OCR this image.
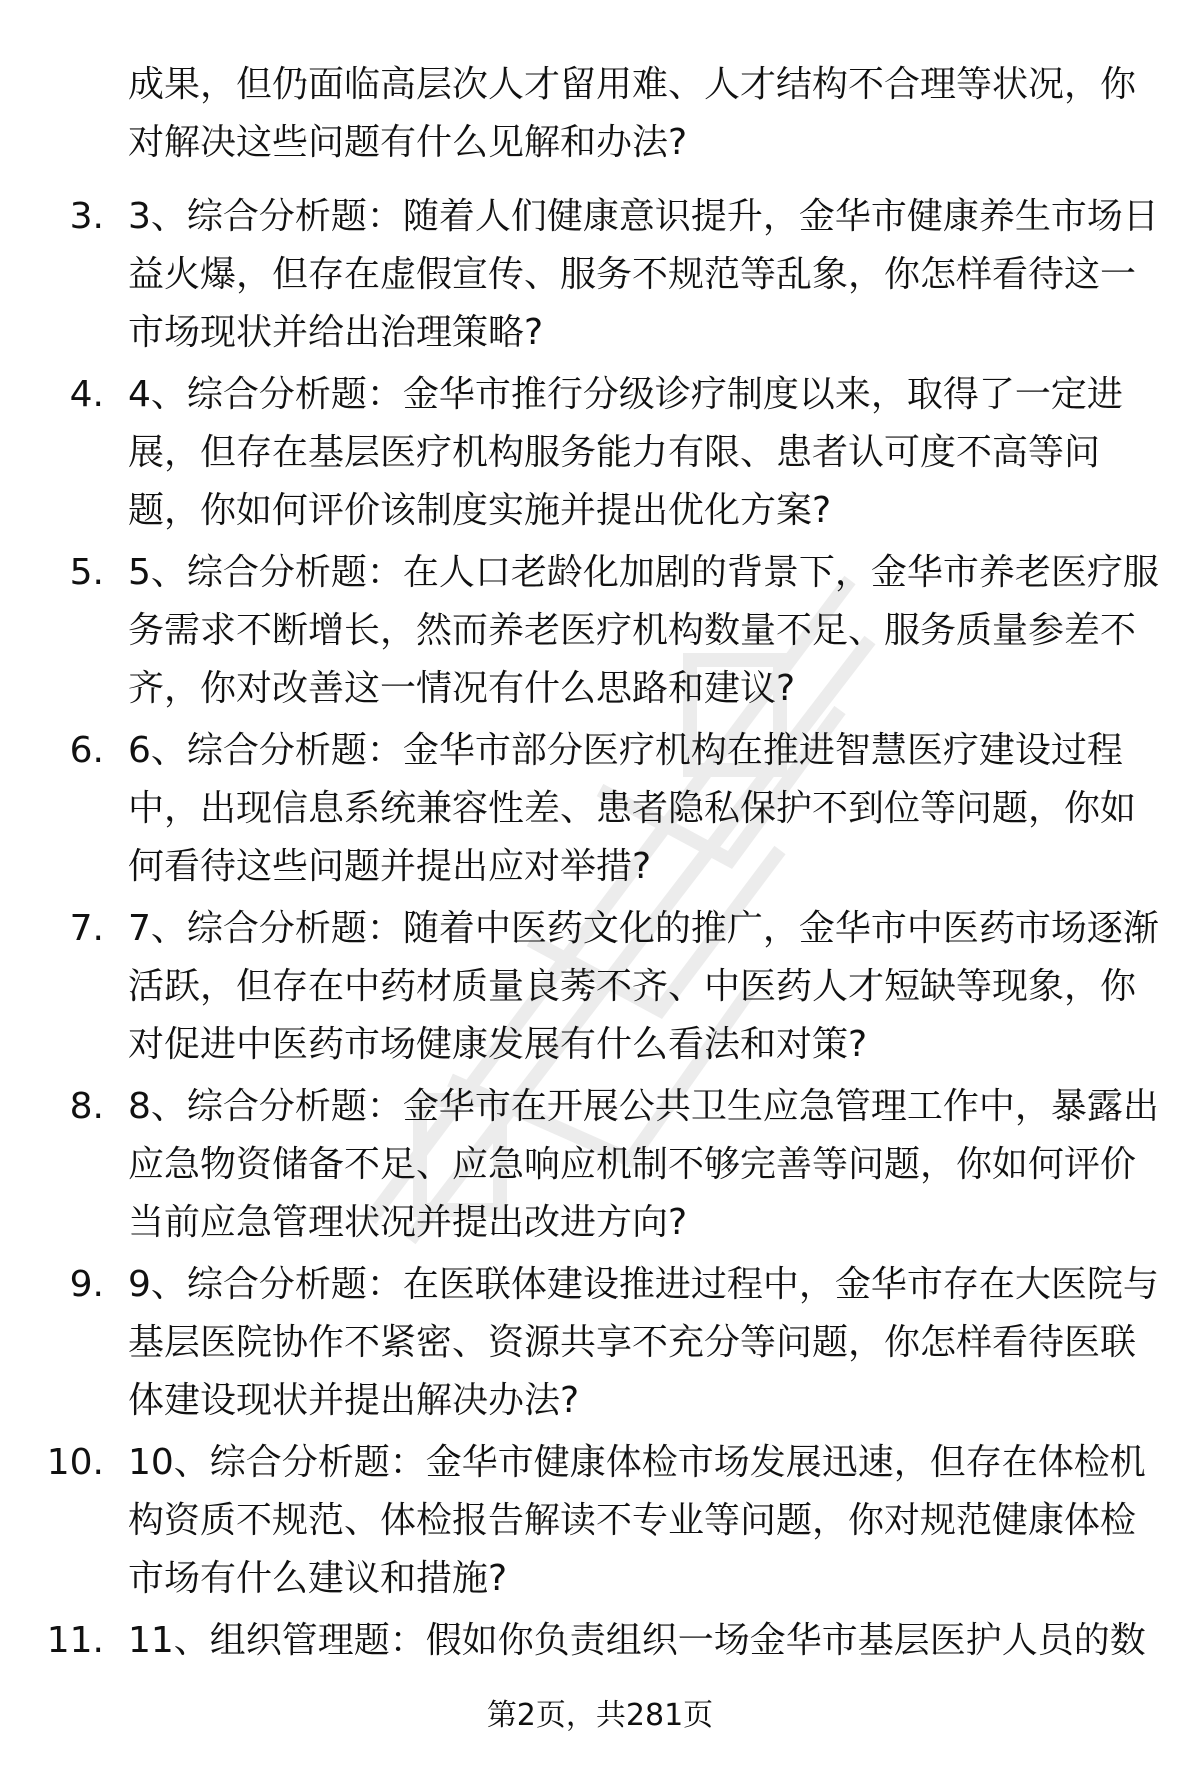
成果，但仍面临高层次人才留用难、人才结构不合理等状况，你
对解决这些问题有什么见解和办法?

3. 3、综合分析题：随着人们健康意识提升，金华市健康养生市场日
益火爆，但存在虚假宣传、服务不规范等乱象，你怎样看待这一
市场现状并给出治理策略?

4. 4、综合分析题：金华市推行分级诊疗制度以来，取得了一定进
展，但存在基层医疗机构服务能力有限、患者认可度不高等问
题，你如何评价该制度实施并提出优化方案?

5. 5、综合分析题：在人口老龄化加剧的背景下，金华市养老医疗服
务需求不断增长，然而养老医疗机构数量不足、服务质量参差不
齐，你对改善这一情况有什么思路和建议?

6. 6、综合分析题：金华市部分医疗机构在推进智慧医疗建设过程
中，出现信息系统兼容性差、患者隐私保护不到位等问题，你如
何看待这些问题并提出应对举措?

7. 7、综合分析题：随着中医药文化的推广，金华市中医药市场逐渐
活跃，但存在中药材质量良莠不齐、中医药人才短缺等现象，你
对促进中医药市场健康发展有什么看法和对策?

8. 8、综合分析题：金华市在开展公共卫生应急管理工作中，暴露出
应急物资储备不足、应急响应机制不够完善等问题，你如何评价
当前应急管理状况并提出改进方向?

9. 9、综合分析题：在医联体建设推进过程中，金华市存在大医院与
基层医院协作不紧密、资源共享不充分等问题，你怎样看待医联
体建设现状并提出解决办法?

10. 10、综合分析题：金华市健康体检市场发展迅速，但存在体检机
构资质不规范、体检报告解读不专业等问题，你对规范健康体检
市场有什么建议和措施?

11. 11、组织管理题：假如你负责组织一场金华市基层医护人员的数

第2页，共281页
